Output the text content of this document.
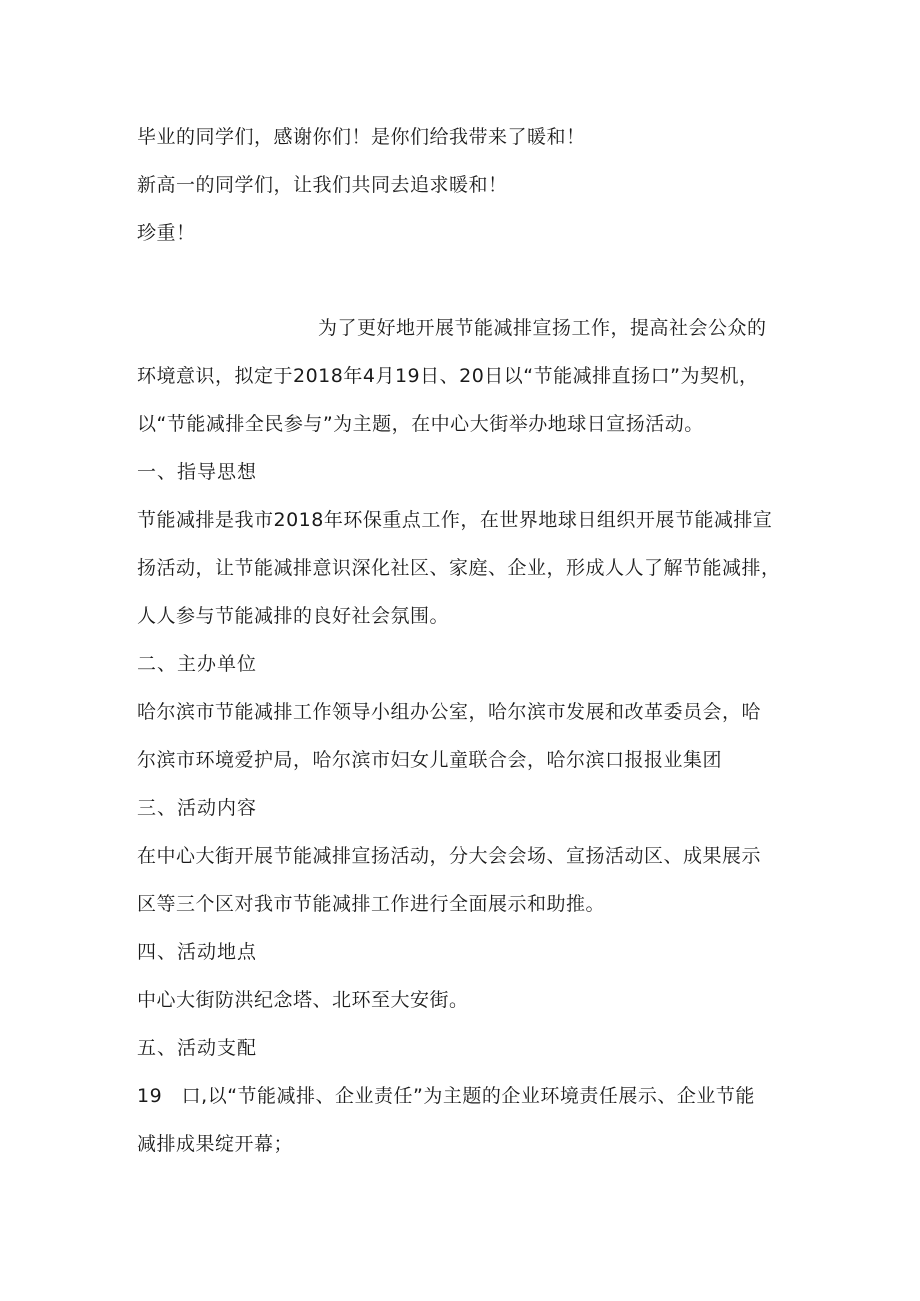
毕业的同学们，感谢你们！是你们给我带来了暖和！

新高一的同学们，让我们共同去追求暖和！

珍重！

为了更好地开展节能减排宣扬工作，提高社会公众的

环境意识，拟定于2018年4月19日、20日以“节能减排直扬口”为契机，

以“节能减排全民参与”为主题，在中心大街举办地球日宣扬活动。

一、指导思想

节能减排是我市2018年环保重点工作，在世界地球日组织开展节能减排宣

扬活动，让节能减排意识深化社区、家庭、企业，形成人人了解节能减排，

人人参与节能减排的良好社会氛围。

二、主办单位

哈尔滨市节能减排工作领导小组办公室，哈尔滨市发展和改革委员会，哈

尔滨市环境爱护局，哈尔滨市妇女儿童联合会，哈尔滨口报报业集团

三、活动内容

在中心大街开展节能减排宣扬活动，分大会会场、宣扬活动区、成果展示

区等三个区对我市节能减排工作进行全面展示和助推。

四、活动地点

中心大街防洪纪念塔、北环至大安街。

五、活动支配

19　口,以“节能减排、企业责任”为主题的企业环境责任展示、企业节能

减排成果绽开幕；
